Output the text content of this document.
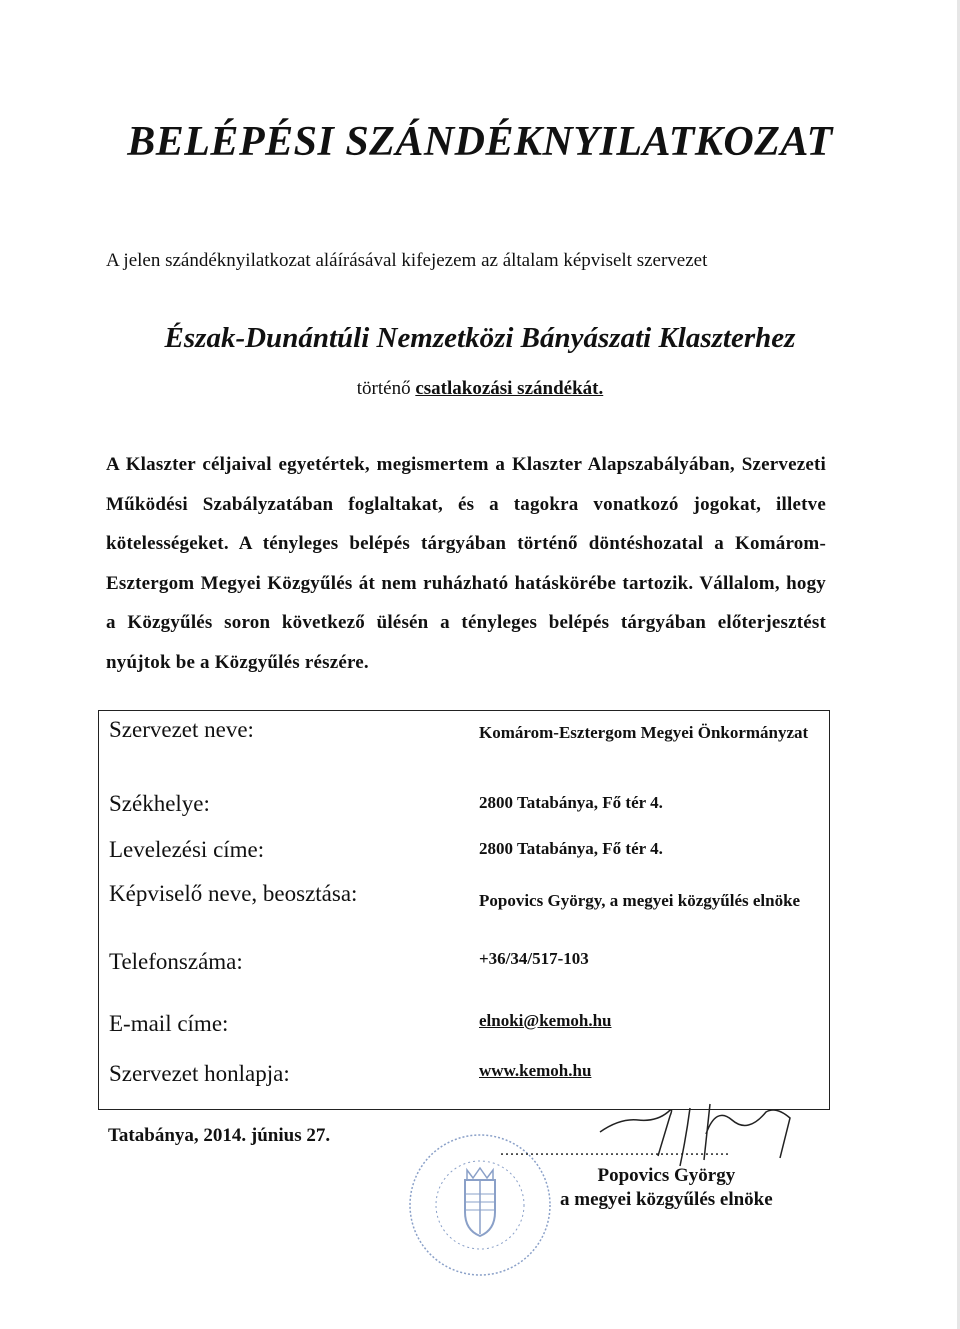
BELÉPÉSI SZÁNDÉKNYILATKOZAT

A jelen szándéknyilatkozat aláírásával kifejezem az általam képviselt szervezet

Észak-Dunántúli Nemzetközi Bányászati Klaszterhez

történő csatlakozási szándékát.

A Klaszter céljaival egyetértek, megismertem a Klaszter Alapszabályában, Szervezeti Működési Szabályzatában foglaltakat, és a tagokra vonatkozó jogokat, illetve kötelességeket. A tényleges belépés tárgyában történő döntéshozatal a Komárom-Esztergom Megyei Közgyűlés át nem ruházható hatáskörébe tartozik. Vállalom, hogy a Közgyűlés soron következő ülésén a tényleges belépés tárgyában előterjesztést nyújtok be a Közgyűlés részére.

Szervezet neve:	Komárom-Esztergom Megyei Önkormányzat
Székhelye:	2800 Tatabánya, Fő tér 4.
Levelezési címe:	2800 Tatabánya, Fő tér 4.
Képviselő neve, beosztása:	Popovics György, a megyei közgyűlés elnöke
Telefonszáma:	+36/34/517-103
E-mail címe:	elnoki@kemoh.hu
Szervezet honlapja:	www.kemoh.hu

Tatabánya, 2014. június 27.

..............................................

Popovics György
a megyei közgyűlés elnöke
